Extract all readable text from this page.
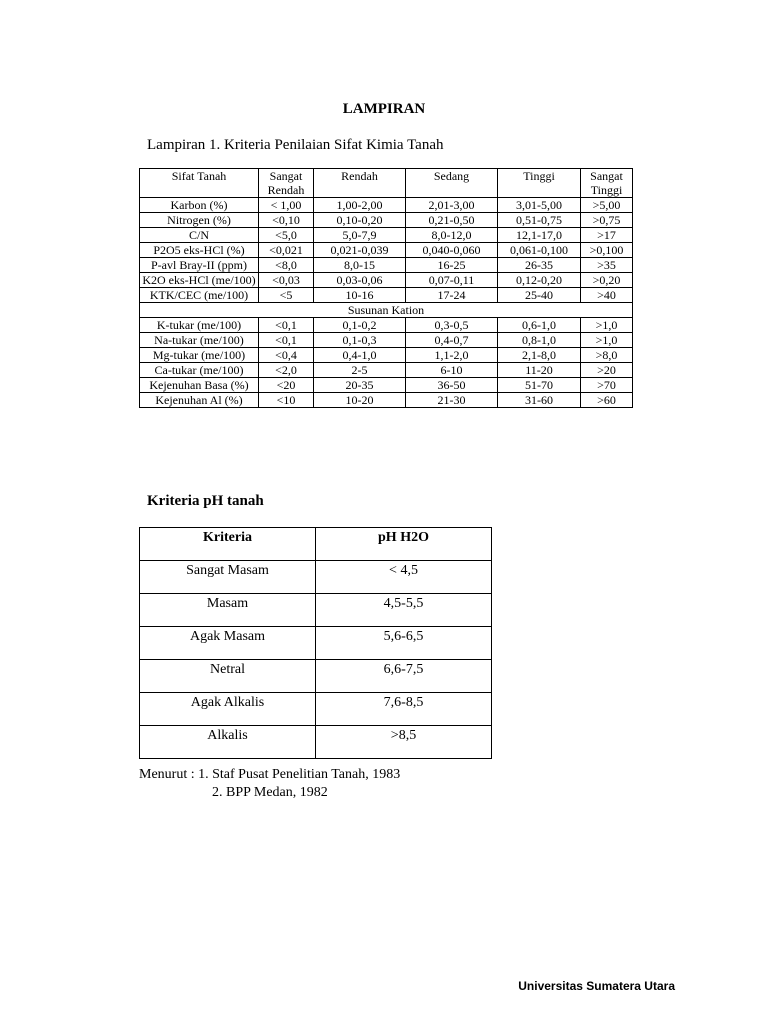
LAMPIRAN
Lampiran 1. Kriteria Penilaian Sifat Kimia Tanah
Sifat Tanah	Sangat Rendah	Rendah	Sedang	Tinggi	Sangat Tinggi
Karbon (%)	< 1,00	1,00-2,00	2,01-3,00	3,01-5,00	>5,00
Nitrogen (%)	<0,10	0,10-0,20	0,21-0,50	0,51-0,75	>0,75
C/N	<5,0	5,0-7,9	8,0-12,0	12,1-17,0	>17
P2O5 eks-HCl (%)	<0,021	0,021-0,039	0,040-0,060	0,061-0,100	>0,100
P-avl Bray-II (ppm)	<8,0	8,0-15	16-25	26-35	>35
K2O eks-HCl (me/100)	<0,03	0,03-0,06	0,07-0,11	0,12-0,20	>0,20
KTK/CEC (me/100)	<5	10-16	17-24	25-40	>40
Susunan Kation					
K-tukar (me/100)	<0,1	0,1-0,2	0,3-0,5	0,6-1,0	>1,0
Na-tukar (me/100)	<0,1	0,1-0,3	0,4-0,7	0,8-1,0	>1,0
Mg-tukar (me/100)	<0,4	0,4-1,0	1,1-2,0	2,1-8,0	>8,0
Ca-tukar (me/100)	<2,0	2-5	6-10	11-20	>20
Kejenuhan Basa (%)	<20	20-35	36-50	51-70	>70
Kejenuhan Al (%)	<10	10-20	21-30	31-60	>60
Kriteria pH tanah
Kriteria	pH H2O
Sangat Masam	< 4,5
Masam	4,5-5,5
Agak Masam	5,6-6,5
Netral	6,6-7,5
Agak Alkalis	7,6-8,5
Alkalis	>8,5
Menurut : 1. Staf Pusat Penelitian Tanah, 1983
2. BPP Medan, 1982
Universitas Sumatera Utara
